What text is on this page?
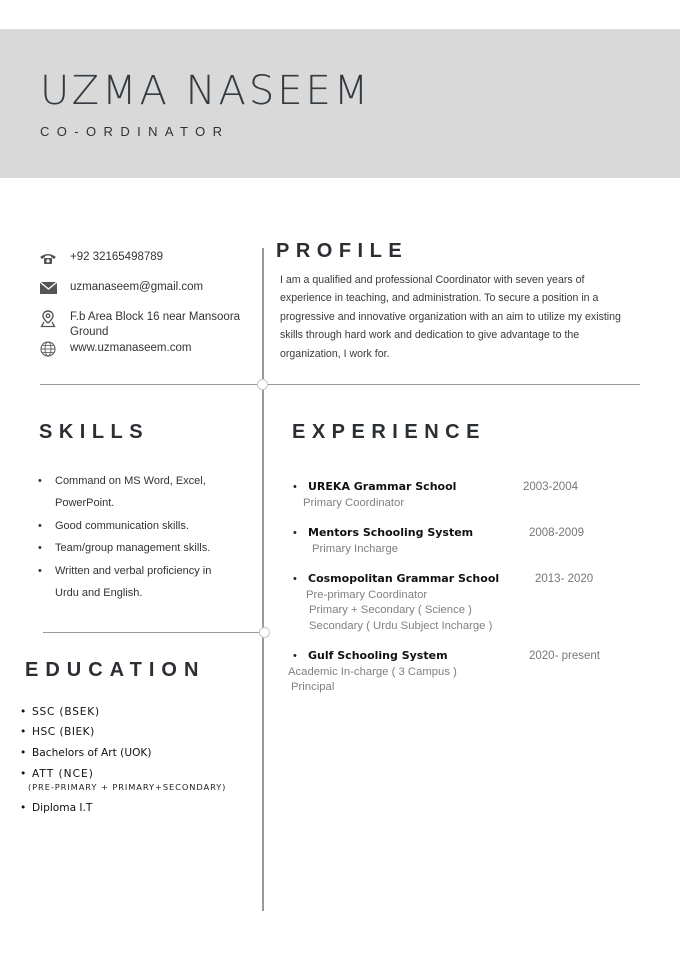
UZMA NASEEM
CO-ORDINATOR
+92 32165498789
uzmanaseem@gmail.com
F.b Area Block 16 near Mansoora Ground
www.uzmanaseem.com
PROFILE
I am a qualified and professional Coordinator with seven years of experience in teaching, and administration. To secure a position in a progressive and innovative organization with an aim to utilize my existing skills through hard work and dedication to give advantage to the organization, I work for.
SKILLS
• Command on MS Word, Excel, PowerPoint.
• Good communication skills.
• Team/group management skills.
• Written and verbal proficiency in Urdu and English.
EXPERIENCE
•	UREKA Grammar School	2003-2004
Primary Coordinator
•	Mentors Schooling System	2008-2009
Primary Incharge
•	Cosmopolitan Grammar School	2013- 2020
Pre-primary Coordinator
Primary + Secondary ( Science )
Secondary ( Urdu Subject Incharge )
•	Gulf Schooling System	2020- present
Academic In-charge ( 3 Campus )
Principal
EDUCATION
• SSC (BSEK)
• HSC (BIEK)
• Bachelors of Art (UOK)
• ATT (NCE)
(PRE-PRIMARY + PRIMARY+SECONDARY)
• Diploma I.T
